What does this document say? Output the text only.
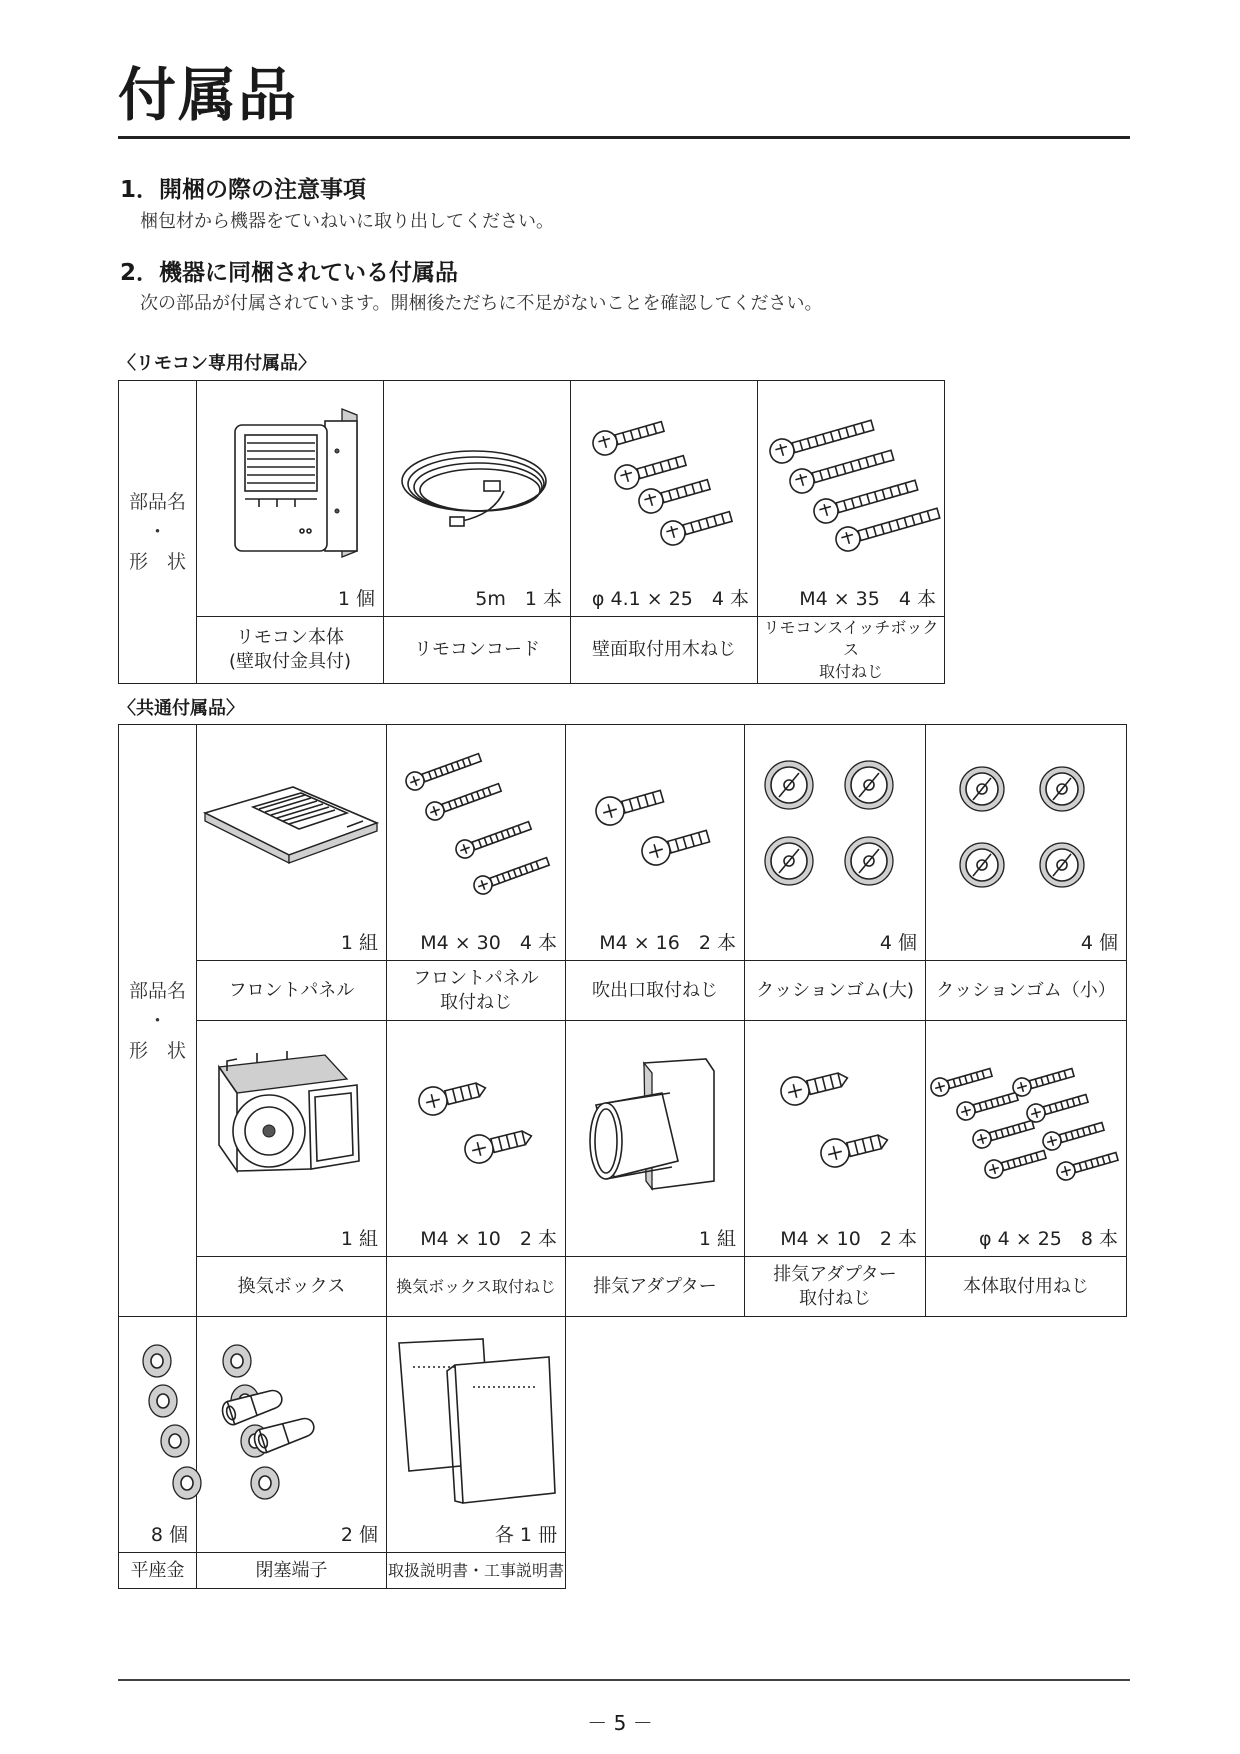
付属品
1．開梱の際の注意事項
梱包材から機器をていねいに取り出してください。
2．機器に同梱されている付属品
次の部品が付属されています。開梱後ただちに不足がないことを確認してください。
〈リモコン専用付属品〉
部品名
・
形　状	1 個	5m　1 本	φ 4.1 × 25　4 本	M4 × 35　4 本

	リモコン本体
(壁取付金具付)	リモコンコード	壁面取付用木ねじ	リモコンスイッチボックス
取付ねじ
〈共通付属品〉
部品名
・
形　状	1 組	M4 × 30　4 本	M4 × 16　2 本	4 個	4 個

	フロントパネル	フロントパネル
取付ねじ	吹出口取付ねじ	クッションゴム(大)	クッションゴム（小）

	1 組	M4 × 10　2 本	1 組	M4 × 10　2 本	φ 4 × 25　8 本

	換気ボックス	換気ボックス取付ねじ	排気アダプター	排気アダプター
取付ねじ	本体取付用ねじ

8 個	2 個	各 1 冊			

平座金	閉塞端子	取扱説明書・工事説明書			

－ 5 －
